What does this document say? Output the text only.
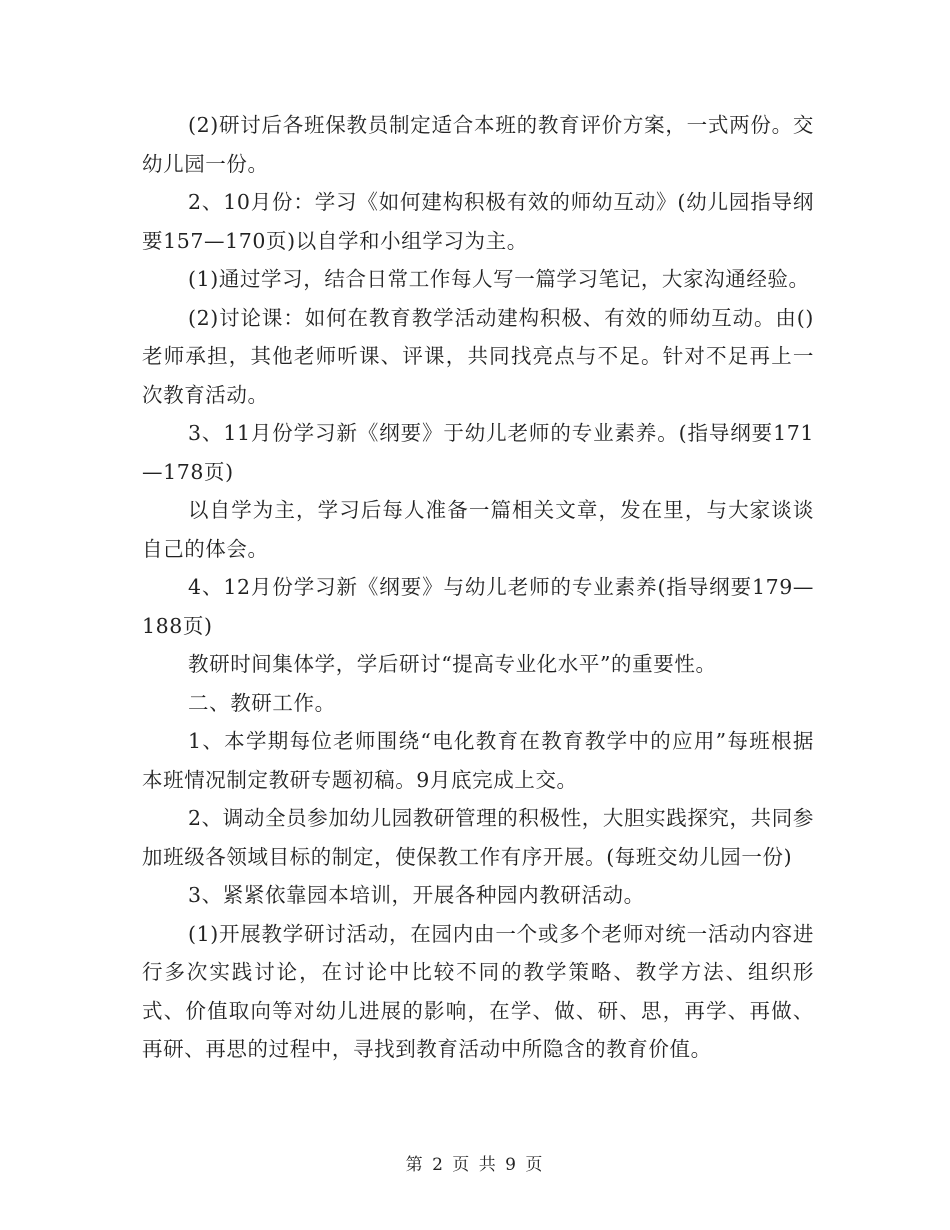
(2)研讨后各班保教员制定适合本班的教育评价方案，一式两份。交幼儿园一份。

2、10月份：学习《如何建构积极有效的师幼互动》(幼儿园指导纲要157—170页)以自学和小组学习为主。

(1)通过学习，结合日常工作每人写一篇学习笔记，大家沟通经验。

(2)讨论课：如何在教育教学活动建构积极、有效的师幼互动。由()老师承担，其他老师听课、评课，共同找亮点与不足。针对不足再上一次教育活动。

3、11月份学习新《纲要》于幼儿老师的专业素养。(指导纲要171—178页)

以自学为主，学习后每人准备一篇相关文章，发在里，与大家谈谈自己的体会。

4、12月份学习新《纲要》与幼儿老师的专业素养(指导纲要179—188页)

教研时间集体学，学后研讨“提高专业化水平”的重要性。

二、教研工作。

1、本学期每位老师围绕“电化教育在教育教学中的应用”每班根据本班情况制定教研专题初稿。9月底完成上交。

2、调动全员参加幼儿园教研管理的积极性，大胆实践探究，共同参加班级各领域目标的制定，使保教工作有序开展。(每班交幼儿园一份)

3、紧紧依靠园本培训，开展各种园内教研活动。

(1)开展教学研讨活动，在园内由一个或多个老师对统一活动内容进行多次实践讨论，在讨论中比较不同的教学策略、教学方法、组织形式、价值取向等对幼儿进展的影响，在学、做、研、思，再学、再做、再研、再思的过程中，寻找到教育活动中所隐含的教育价值。

第 2 页 共 9 页
